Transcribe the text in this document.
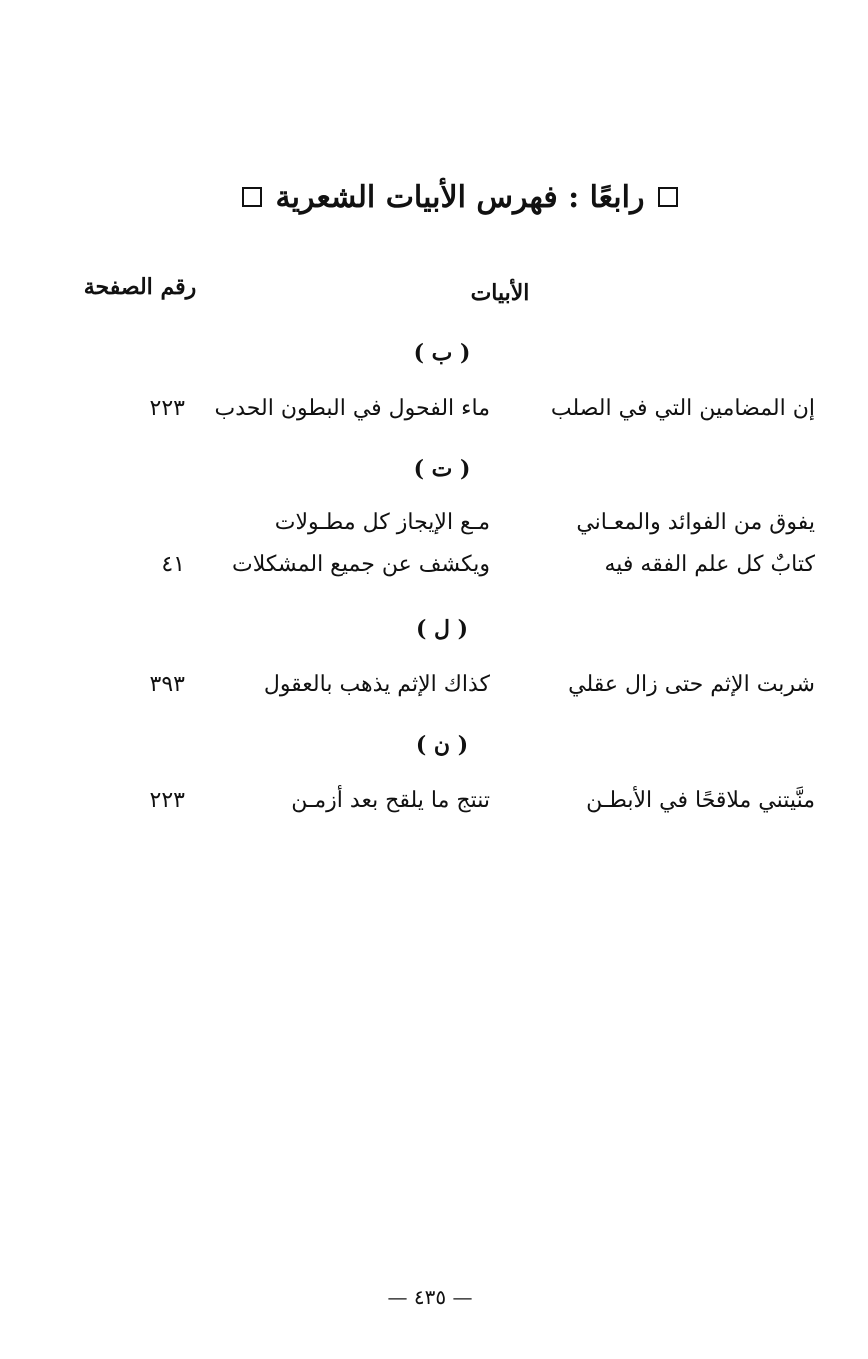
رابعًا : فهرس الأبيات الشعرية
الأبيات
رقم الصفحة
( ب )
إن المضامين التي في الصلب
ماء الفحول في البطون الحدب
٢٢٣
( ت )
يفوق من الفوائد والمعـاني
مـع الإيجاز كل مطـولات
كتابٌ كل علم الفقه فيه
ويكشف عن جميع المشكلات
٤١
( ل )
شربت الإثم حتى زال عقلي
كذاك الإثم يذهب بالعقول
٣٩٣
( ن )
منَّيتني ملاقحًا في الأبطـن
تنتج ما يلقح بعد أزمـن
٢٢٣
— ٤٣٥ —
